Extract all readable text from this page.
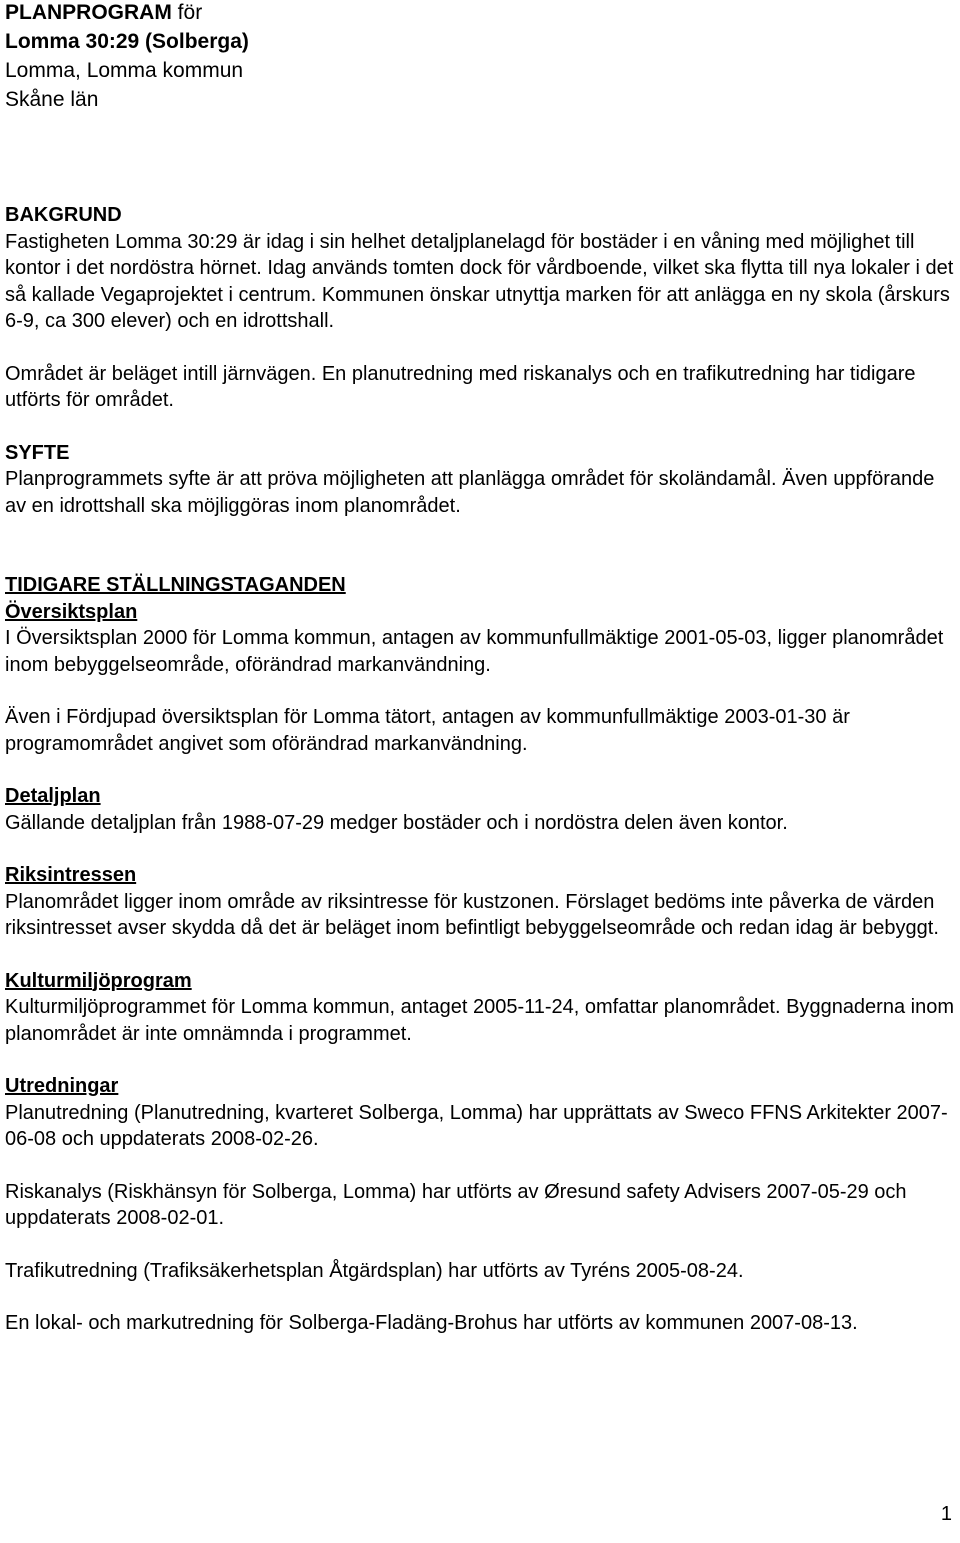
PLANPROGRAM för
Lomma 30:29 (Solberga)
Lomma, Lomma kommun
Skåne län
BAKGRUND

Fastigheten Lomma 30:29 är idag i sin helhet detaljplanelagd för bostäder i en våning med möjlighet till kontor i det nordöstra hörnet. Idag används tomten dock för vårdboende, vilket ska flytta till nya lokaler i det så kallade Vegaprojektet i centrum. Kommunen önskar utnyttja marken för att anlägga en ny skola (årskurs 6-9, ca 300 elever) och en idrottshall.

Området är beläget intill järnvägen. En planutredning med riskanalys och en trafikutredning har tidigare utförts för området.

SYFTE

Planprogrammets syfte är att pröva möjligheten att planlägga området för skoländamål. Även uppförande av en idrottshall ska möjliggöras inom planområdet.

TIDIGARE STÄLLNINGSTAGANDEN
Översiktsplan

I Översiktsplan 2000 för Lomma kommun, antagen av kommunfullmäktige 2001-05-03, ligger planområdet inom bebyggelseområde, oförändrad markanvändning.

Även i Fördjupad översiktsplan för Lomma tätort, antagen av kommunfullmäktige 2003-01-30 är programområdet angivet som oförändrad markanvändning.

Detaljplan

Gällande detaljplan från 1988-07-29 medger bostäder och i nordöstra delen även kontor.

Riksintressen

Planområdet ligger inom område av riksintresse för kustzonen. Förslaget bedöms inte påverka de värden riksintresset avser skydda då det är beläget inom befintligt bebyggelseområde och redan idag är bebyggt.

Kulturmiljöprogram

Kulturmiljöprogrammet för Lomma kommun, antaget 2005-11-24, omfattar planområdet. Byggnaderna inom planområdet är inte omnämnda i programmet.

Utredningar

Planutredning (Planutredning, kvarteret Solberga, Lomma) har upprättats av Sweco FFNS Arkitekter 2007-06-08 och uppdaterats 2008-02-26.

Riskanalys (Riskhänsyn för Solberga, Lomma) har utförts av Øresund safety Advisers 2007-05-29 och uppdaterats 2008-02-01.

Trafikutredning (Trafiksäkerhetsplan Åtgärdsplan) har utförts av Tyréns 2005-08-24.

En lokal- och markutredning för Solberga-Fladäng-Brohus har utförts av kommunen 2007-08-13.

1
